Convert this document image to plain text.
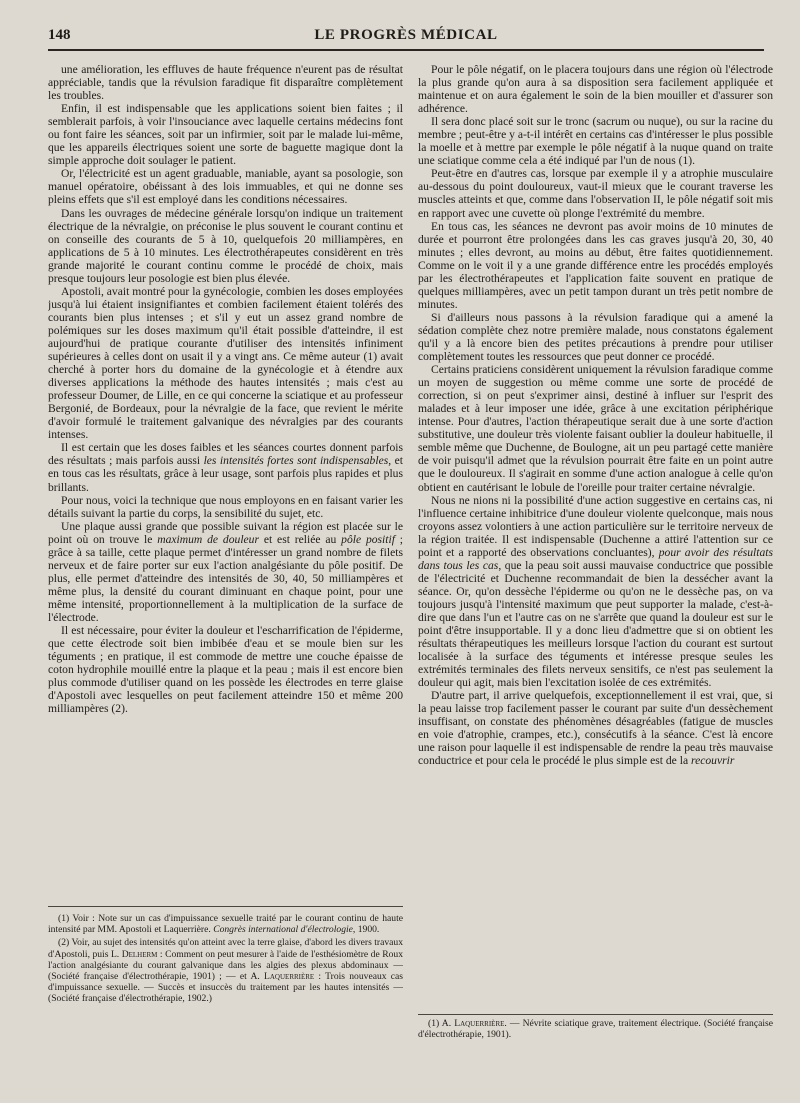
148	LE PROGRÈS MÉDICAL

une amélioration, les effluves de haute fréquence n'eurent pas de résultat appréciable, tandis que la révulsion faradique fit disparaître complètement les troubles.

Enfin, il est indispensable que les applications soient bien faites ; il semblerait parfois, à voir l'insouciance avec laquelle certains médecins font ou font faire les séances, soit par un infirmier, soit par le malade lui-même, que les appareils électriques soient une sorte de baguette magique dont la simple approche doit soulager le patient.

Or, l'électricité est un agent graduable, maniable, ayant sa posologie, son manuel opératoire, obéissant à des lois immuables, et qui ne donne ses pleins effets que s'il est employé dans les conditions nécessaires.

Dans les ouvrages de médecine générale lorsqu'on indique un traitement électrique de la névralgie, on préconise le plus souvent le courant continu et on conseille des courants de 5 à 10, quelquefois 20 milliampères, en applications de 5 à 10 minutes. Les électrothérapeutes considèrent en très grande majorité le courant continu comme le procédé de choix, mais presque toujours leur posologie est bien plus élevée.

Apostoli, avait montré pour la gynécologie, combien les doses employées jusqu'à lui étaient insignifiantes et combien facilement étaient tolérés des courants bien plus intenses ; et s'il y eut un assez grand nombre de polémiques sur les doses maximum qu'il était possible d'atteindre, il est aujourd'hui de pratique courante d'utiliser des intensités infiniment supérieures à celles dont on usait il y a vingt ans. Ce même auteur (1) avait cherché à porter hors du domaine de la gynécologie et à étendre aux diverses applications la méthode des hautes intensités ; mais c'est au professeur Doumer, de Lille, en ce qui concerne la sciatique et au professeur Bergonié, de Bordeaux, pour la névralgie de la face, que revient le mérite d'avoir formulé le traitement galvanique des névralgies par des courants intenses.

Il est certain que les doses faibles et les séances courtes donnent parfois des résultats ; mais parfois aussi les intensités fortes sont indispensables, et en tous cas les résultats, grâce à leur usage, sont parfois plus rapides et plus brillants.

Pour nous, voici la technique que nous employons en en faisant varier les détails suivant la partie du corps, la sensibilité du sujet, etc.

Une plaque aussi grande que possible suivant la région est placée sur le point où on trouve le maximum de douleur et est reliée au pôle positif ; grâce à sa taille, cette plaque permet d'intéresser un grand nombre de filets nerveux et de faire porter sur eux l'action analgésiante du pôle positif. De plus, elle permet d'atteindre des intensités de 30, 40, 50 milliampères et même plus, la densité du courant diminuant en chaque point, pour une même intensité, proportionnellement à la multiplication de la surface de l'électrode.

Il est nécessaire, pour éviter la douleur et l'escharrification de l'épiderme, que cette électrode soit bien imbibée d'eau et se moule bien sur les téguments ; en pratique, il est commode de mettre une couche épaisse de coton hydrophile mouillé entre la plaque et la peau ; mais il est encore bien plus commode d'utiliser quand on les possède les électrodes en terre glaise d'Apostoli avec lesquelles on peut facilement atteindre 150 et même 200 milliampères (2).

(1) Voir : Note sur un cas d'impuissance sexuelle traité par le courant continu de haute intensité par MM. Apostoli et Laquerrière. Congrès international d'électrologie, 1900.

(2) Voir, au sujet des intensités qu'on atteint avec la terre glaise, d'abord les divers travaux d'Apostoli, puis L. Delherm : Comment on peut mesurer à l'aide de l'esthésiomètre de Roux l'action analgésiante du courant galvanique dans les algies des plexus abdominaux — (Société française d'électrothérapie, 1901) ; — et A. Laquerrière : Trois nouveaux cas d'impuissance sexuelle. — Succès et insuccès du traitement par les hautes intensités — (Société française d'électrothérapie, 1902.)

Pour le pôle négatif, on le placera toujours dans une région où l'électrode la plus grande qu'on aura à sa disposition sera facilement appliquée et maintenue et on aura également le soin de la bien mouiller et d'assurer son adhérence.

Il sera donc placé soit sur le tronc (sacrum ou nuque), ou sur la racine du membre ; peut-être y a-t-il intérêt en certains cas d'intéresser le plus possible la moelle et à mettre par exemple le pôle négatif à la nuque quand on traite une sciatique comme cela a été indiqué par l'un de nous (1).

Peut-être en d'autres cas, lorsque par exemple il y a atrophie musculaire au-dessous du point douloureux, vaut-il mieux que le courant traverse les muscles atteints et que, comme dans l'observation II, le pôle négatif soit mis en rapport avec une cuvette où plonge l'extrémité du membre.

En tous cas, les séances ne devront pas avoir moins de 10 minutes de durée et pourront être prolongées dans les cas graves jusqu'à 20, 30, 40 minutes ; elles devront, au moins au début, être faites quotidiennement. Comme on le voit il y a une grande différence entre les procédés employés par les électrothérapeutes et l'application faite souvent en pratique de quelques milliampères, avec un petit tampon durant un très petit nombre de minutes.

Si d'ailleurs nous passons à la révulsion faradique qui a amené la sédation complète chez notre première malade, nous constatons également qu'il y a là encore bien des petites précautions à prendre pour utiliser complètement toutes les ressources que peut donner ce procédé.

Certains praticiens considèrent uniquement la révulsion faradique comme un moyen de suggestion ou même comme une sorte de procédé de correction, si on peut s'exprimer ainsi, destiné à influer sur l'esprit des malades et à leur imposer une idée, grâce à une excitation périphérique intense. Pour d'autres, l'action thérapeutique serait due à une sorte d'action substitutive, une douleur très violente faisant oublier la douleur habituelle, il semble même que Duchenne, de Boulogne, ait un peu partagé cette manière de voir puisqu'il admet que la révulsion pourrait être faite en un point autre que le douloureux. Il s'agirait en somme d'une action analogue à celle qu'on obtient en cautérisant le lobule de l'oreille pour traiter certaine névralgie.

Nous ne nions ni la possibilité d'une action suggestive en certains cas, ni l'influence certaine inhibitrice d'une douleur violente quelconque, mais nous croyons assez volontiers à une action particulière sur le territoire nerveux de la région traitée. Il est indispensable (Duchenne a attiré l'attention sur ce point et a rapporté des observations concluantes), pour avoir des résultats dans tous les cas, que la peau soit aussi mauvaise conductrice que possible de l'électricité et Duchenne recommandait de bien la dessécher avant la séance. Or, qu'on dessèche l'épiderme ou qu'on ne le dessèche pas, on va toujours jusqu'à l'intensité maximum que peut supporter la malade, c'est-à-dire que dans l'un et l'autre cas on ne s'arrête que quand la douleur est sur le point d'être insupportable. Il y a donc lieu d'admettre que si on obtient les résultats thérapeutiques les meilleurs lorsque l'action du courant est surtout localisée à la surface des téguments et intéresse presque seules les extrémités terminales des filets nerveux sensitifs, ce n'est pas seulement la douleur qui agit, mais bien l'excitation isolée de ces extrémités.

D'autre part, il arrive quelquefois, exceptionnellement il est vrai, que, si la peau laisse trop facilement passer le courant par suite d'un dessèchement insuffisant, on constate des phénomènes désagréables (fatigue de muscles en voie d'atrophie, crampes, etc.), consécutifs à la séance. C'est là encore une raison pour laquelle il est indispensable de rendre la peau très mauvaise conductrice et pour cela le procédé le plus simple est de la recouvrir

(1) A. Laquerrière. — Névrite sciatique grave, traitement électrique. (Société française d'électrothérapie, 1901).
